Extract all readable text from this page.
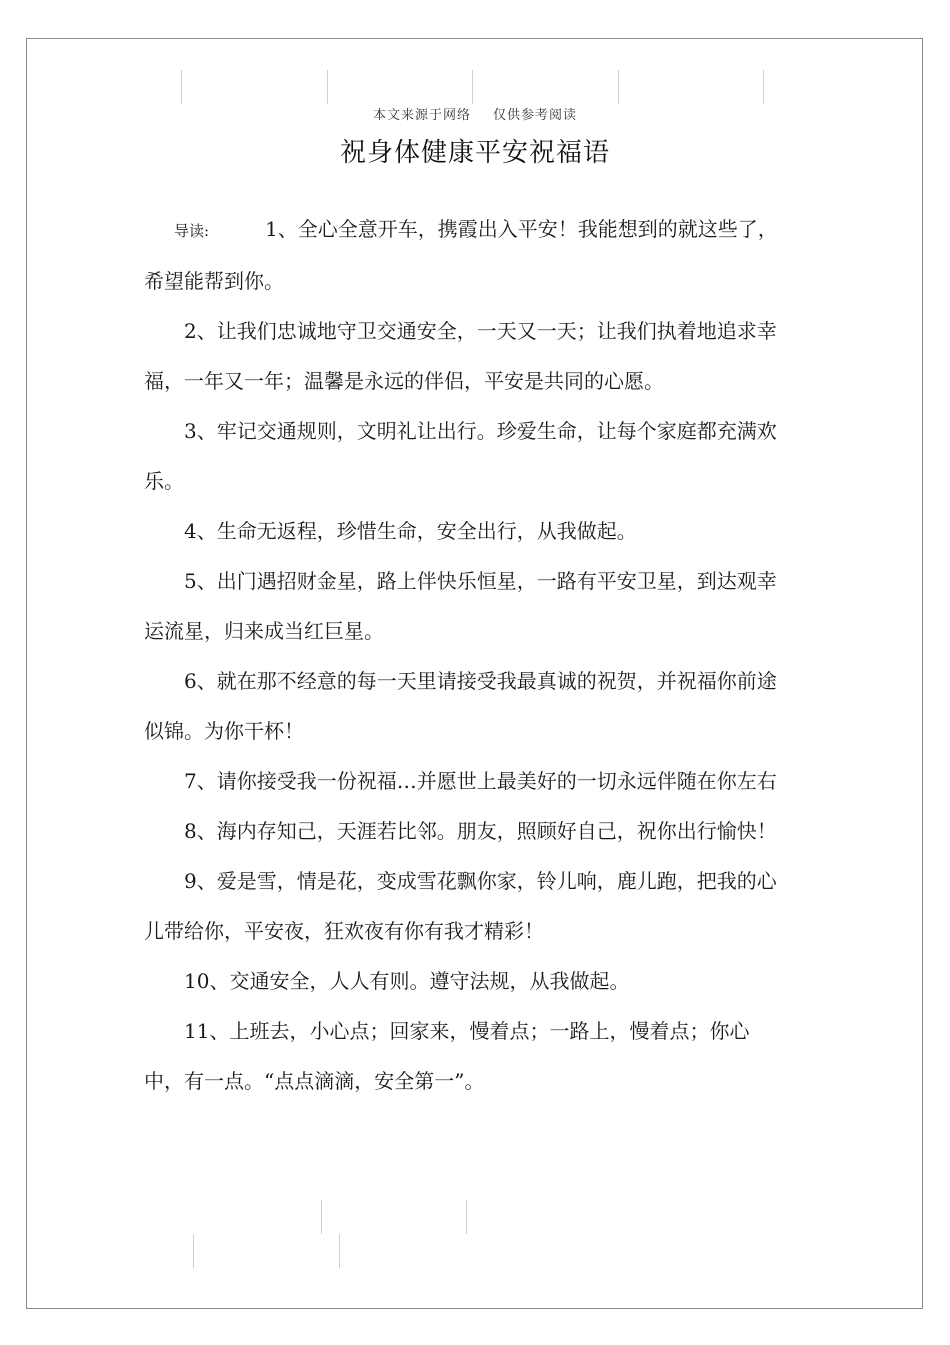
本文来源于网络 仅供参考阅读
祝身体健康平安祝福语

导读:	1、全心全意开车，携霞出入平安！我能想到的就这些了，希望能帮到你。

2、让我们忠诚地守卫交通安全，一天又一天；让我们执着地追求幸福，一年又一年；温馨是永远的伴侣，平安是共同的心愿。

3、牢记交通规则，文明礼让出行。珍爱生命，让每个家庭都充满欢乐。

4、生命无返程，珍惜生命，安全出行，从我做起。

5、出门遇招财金星，路上伴快乐恒星，一路有平安卫星，到达观幸运流星，归来成当红巨星。

6、就在那不经意的每一天里请接受我最真诚的祝贺，并祝福你前途似锦。为你干杯！

7、请你接受我一份祝福…并愿世上最美好的一切永远伴随在你左右

8、海内存知己，天涯若比邻。朋友，照顾好自己，祝你出行愉快！

9、爱是雪，情是花，变成雪花飘你家，铃儿响，鹿儿跑，把我的心儿带给你，平安夜，狂欢夜有你有我才精彩！

10、交通安全，人人有则。遵守法规，从我做起。

11、上班去，小心点；回家来，慢着点；一路上，慢着点；你心中，有一点。“点点滴滴，安全第一”。
